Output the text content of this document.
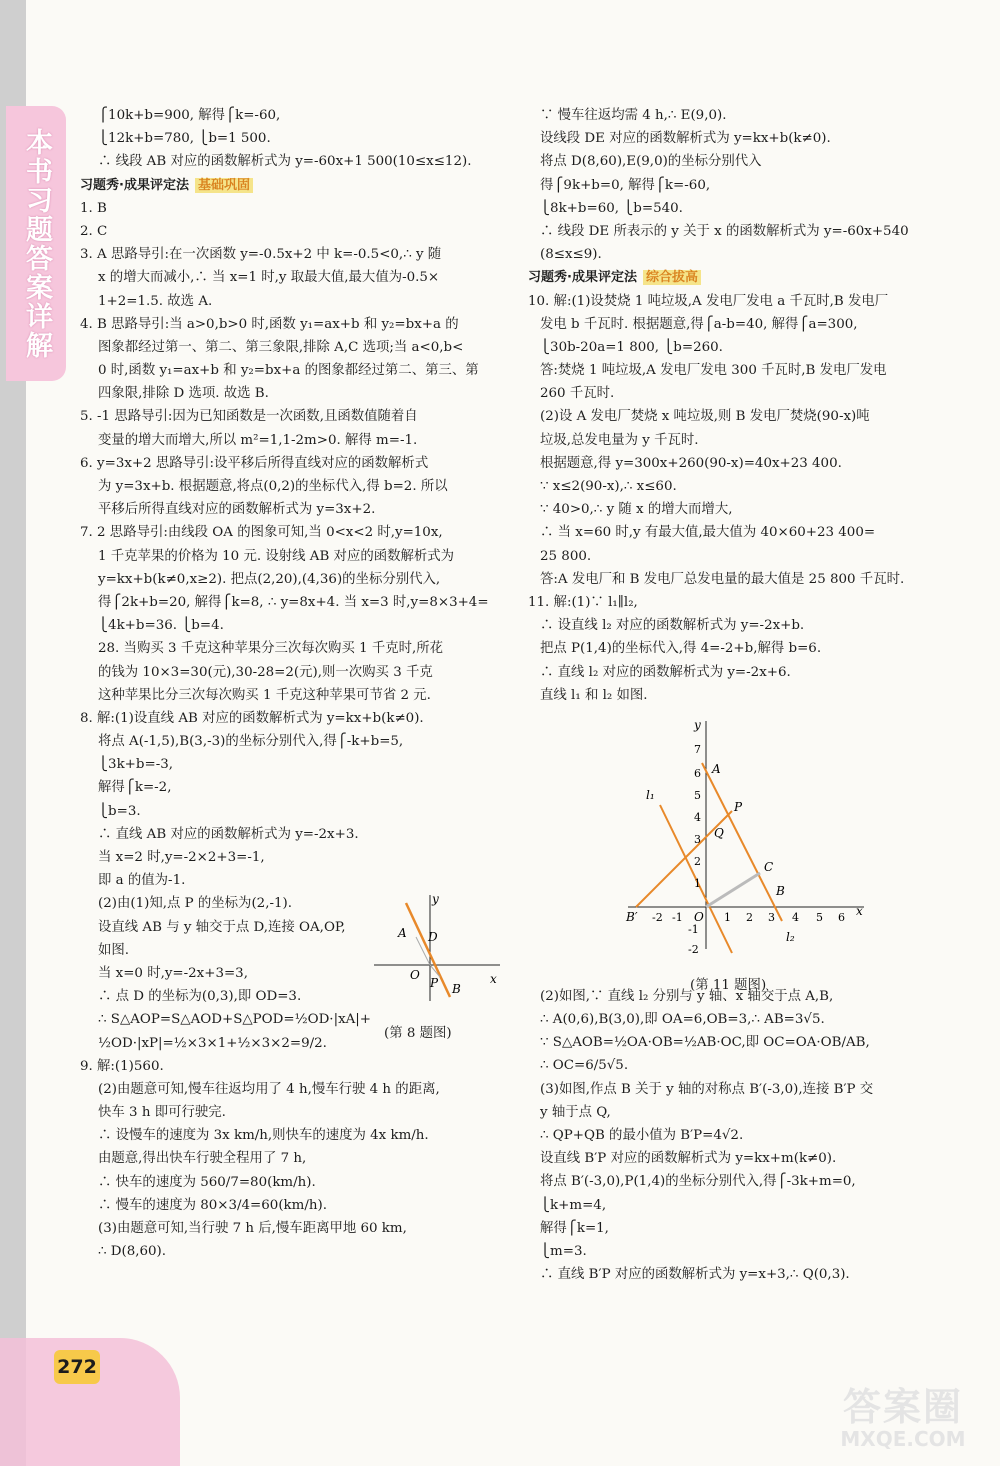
本书习题答案详解
272
⎧10k+b=900, 解得⎧k=-60,
⎩12k+b=780, ⎩b=1 500.
∴ 线段 AB 对应的函数解析式为 y=-60x+1 500(10≤x≤12).
习题秀·成果评定法 基础巩固
1. B
2. C
3. A 思路导引:在一次函数 y=-0.5x+2 中 k=-0.5<0,∴ y 随
x 的增大而减小,∴ 当 x=1 时,y 取最大值,最大值为-0.5×
1+2=1.5. 故选 A.
4. B 思路导引:当 a>0,b>0 时,函数 y₁=ax+b 和 y₂=bx+a 的
图象都经过第一、第二、第三象限,排除 A,C 选项;当 a<0,b<
0 时,函数 y₁=ax+b 和 y₂=bx+a 的图象都经过第二、第三、第
四象限,排除 D 选项. 故选 B.
5. -1 思路导引:因为已知函数是一次函数,且函数值随着自
变量的增大而增大,所以 m²=1,1-2m>0. 解得 m=-1.
6. y=3x+2 思路导引:设平移后所得直线对应的函数解析式
为 y=3x+b. 根据题意,将点(0,2)的坐标代入,得 b=2. 所以
平移后所得直线对应的函数解析式为 y=3x+2.
7. 2 思路导引:由线段 OA 的图象可知,当 0<x<2 时,y=10x,
1 千克苹果的价格为 10 元. 设射线 AB 对应的函数解析式为
y=kx+b(k≠0,x≥2). 把点(2,20),(4,36)的坐标分别代入,
得⎧2k+b=20, 解得⎧k=8, ∴ y=8x+4. 当 x=3 时,y=8×3+4=
⎩4k+b=36. ⎩b=4.
28. 当购买 3 千克这种苹果分三次每次购买 1 千克时,所花
的钱为 10×3=30(元),30-28=2(元),则一次购买 3 千克
这种苹果比分三次每次购买 1 千克这种苹果可节省 2 元.
8. 解:(1)设直线 AB 对应的函数解析式为 y=kx+b(k≠0).
将点 A(-1,5),B(3,-3)的坐标分别代入,得⎧-k+b=5,
⎩3k+b=-3,
解得⎧k=-2,
⎩b=3.
∴ 直线 AB 对应的函数解析式为 y=-2x+3.
当 x=2 时,y=-2×2+3=-1,
即 a 的值为-1.
(2)由(1)知,点 P 的坐标为(2,-1).
设直线 AB 与 y 轴交于点 D,连接 OA,OP,
如图.
当 x=0 时,y=-2x+3=3,
∴ 点 D 的坐标为(0,3),即 OD=3.
∴ S△AOP=S△AOD+S△POD=½OD·|xA|+
½OD·|xP|=½×3×1+½×3×2=9/2.
9. 解:(1)560.
(2)由题意可知,慢车往返均用了 4 h,慢车行驶 4 h 的距离,
快车 3 h 即可行驶完.
∴ 设慢车的速度为 3x km/h,则快车的速度为 4x km/h.
由题意,得出快车行驶全程用了 7 h,
∴ 快车的速度为 560/7=80(km/h).
∴ 慢车的速度为 80×3/4=60(km/h).
(3)由题意可知,当行驶 7 h 后,慢车距离甲地 60 km,
∴ D(8,60).
y
x
A D
O
P B
(第 8 题图)
∵ 慢车往返均需 4 h,∴ E(9,0).
设线段 DE 对应的函数解析式为 y=kx+b(k≠0).
将点 D(8,60),E(9,0)的坐标分别代入
得⎧9k+b=0, 解得⎧k=-60,
⎩8k+b=60, ⎩b=540.
∴ 线段 DE 所表示的 y 关于 x 的函数解析式为 y=-60x+540
(8≤x≤9).
习题秀·成果评定法 综合拔高
10. 解:(1)设焚烧 1 吨垃圾,A 发电厂发电 a 千瓦时,B 发电厂
发电 b 千瓦时. 根据题意,得⎧a-b=40, 解得⎧a=300,
⎩30b-20a=1 800, ⎩b=260.
答:焚烧 1 吨垃圾,A 发电厂发电 300 千瓦时,B 发电厂发电
260 千瓦时.
(2)设 A 发电厂焚烧 x 吨垃圾,则 B 发电厂焚烧(90-x)吨
垃圾,总发电量为 y 千瓦时.
根据题意,得 y=300x+260(90-x)=40x+23 400.
∵ x≤2(90-x),∴ x≤60.
∵ 40>0,∴ y 随 x 的增大而增大,
∴ 当 x=60 时,y 有最大值,最大值为 40×60+23 400=
25 800.
答:A 发电厂和 B 发电厂总发电量的最大值是 25 800 千瓦时.
11. 解:(1)∵ l₁∥l₂,
∴ 设直线 l₂ 对应的函数解析式为 y=-2x+b.
把点 P(1,4)的坐标代入,得 4=-2+b,解得 b=6.
∴ 直线 l₂ 对应的函数解析式为 y=-2x+6.
直线 l₁ 和 l₂ 如图.
(2)如图,∵ 直线 l₂ 分别与 y 轴、x 轴交于点 A,B,
∴ A(0,6),B(3,0),即 OA=6,OB=3,∴ AB=3√5.
∵ S△AOB=½OA·OB=½AB·OC,即 OC=OA·OB/AB,
∴ OC=6/5√5.
(3)如图,作点 B 关于 y 轴的对称点 B′(-3,0),连接 B′P 交
y 轴于点 Q,
∴ QP+QB 的最小值为 B′P=4√2.
设直线 B′P 对应的函数解析式为 y=kx+m(k≠0).
将点 B′(-3,0),P(1,4)的坐标分别代入,得⎧-3k+m=0,
⎩k+m=4,
解得⎧k=1,
⎩m=3.
∴ 直线 B′P 对应的函数解析式为 y=x+3,∴ Q(0,3).
y
x
A
P
Q
C
B
B′
l₁
l₂
O
7
6
5
4
3
2
1
-1
-2
-2 -1	1 2 3 4 5 6
(第 11 题图)
答案圈
MXQE.COM
